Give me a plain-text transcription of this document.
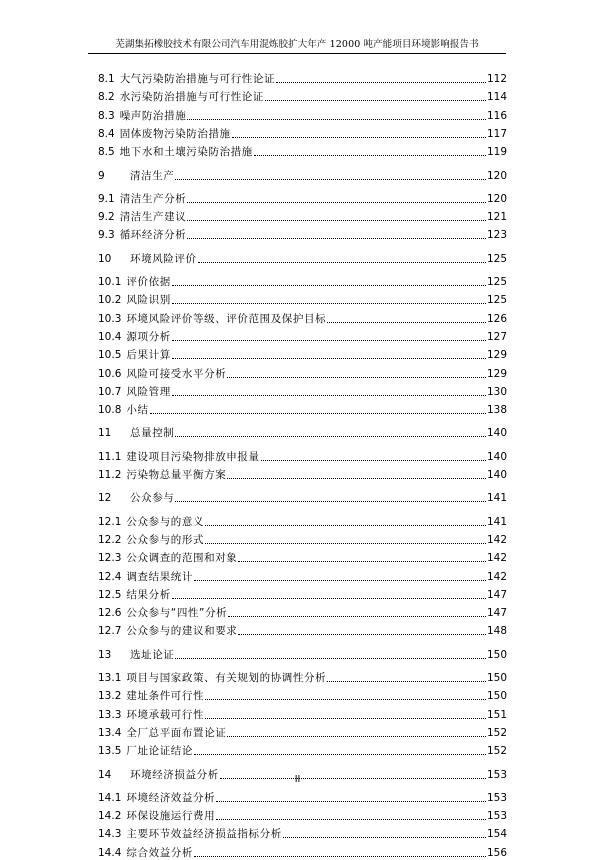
芜湖集拓橡胶技术有限公司汽车用混炼胶扩大年产 12000 吨产能项目环境影响报告书
8.1 大气污染防治措施与可行性论证	112
8.2 水污染防治措施与可行性论证	114
8.3 噪声防治措施	116
8.4 固体废物污染防治措施	117
8.5 地下水和土壤污染防治措施	119
9	清洁生产	120
9.1 清洁生产分析	120
9.2 清洁生产建议	121
9.3 循环经济分析	123
10	环境风险评价	125
10.1 评价依据	125
10.2 风险识别	125
10.3 环境风险评价等级、评价范围及保护目标	126
10.4 源项分析	127
10.5 后果计算	129
10.6 风险可接受水平分析	129
10.7 风险管理	130
10.8 小结	138
11	总量控制	140
11.1 建设项目污染物排放申报量	140
11.2 污染物总量平衡方案	140
12	公众参与	141
12.1 公众参与的意义	141
12.2 公众参与的形式	142
12.3 公众调查的范围和对象	142
12.4 调查结果统计	142
12.5 结果分析	147
12.6 公众参与“四性”分析	147
12.7 公众参与的建议和要求	148
13	选址论证	150
13.1 项目与国家政策、有关规划的协调性分析	150
13.2 建址条件可行性	150
13.3 环境承载可行性	151
13.4 全厂总平面布置论证	152
13.5 厂址论证结论	152
14	环境经济损益分析	153
14.1 环境经济效益分析	153
14.2 环保设施运行费用	153
14.3 主要环节效益经济损益指标分析	154
14.4 综合效益分析	156
II
